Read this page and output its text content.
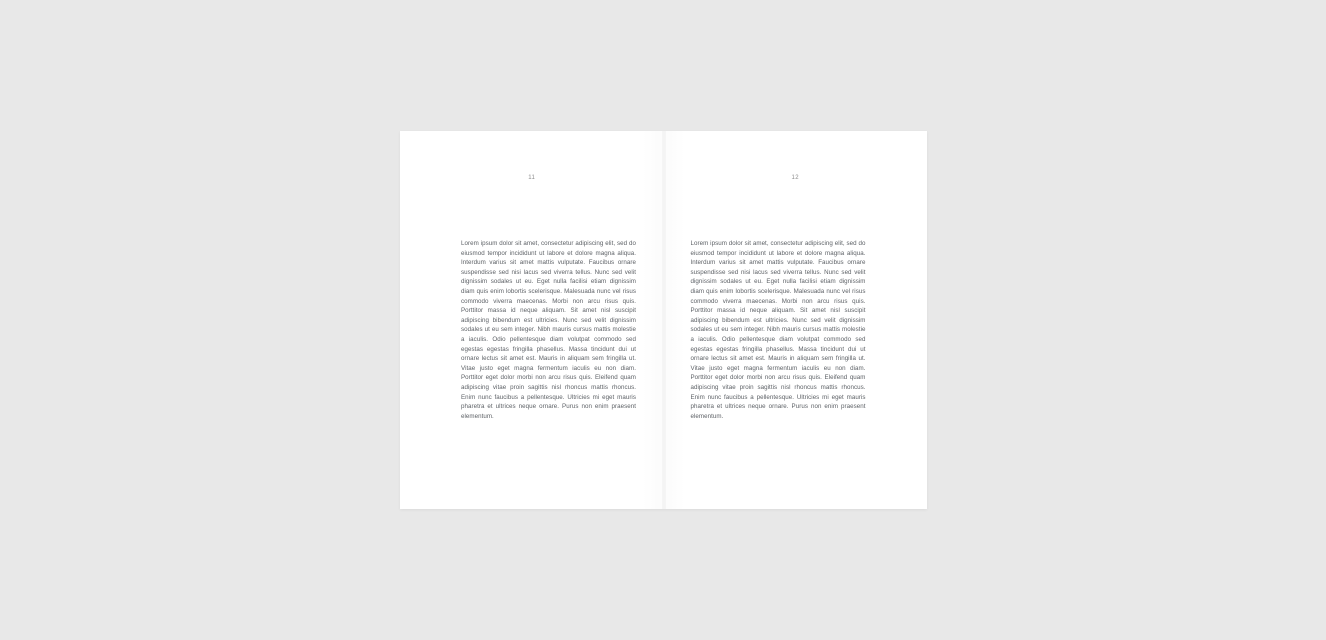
11
Lorem ipsum dolor sit amet, consectetur adipiscing elit, sed do eiusmod tempor incididunt ut labore et dolore magna aliqua. Interdum varius sit amet mattis vulputate. Faucibus ornare suspendisse sed nisi lacus sed viverra tellus. Nunc sed velit dignissim sodales ut eu. Eget nulla facilisi etiam dignissim diam quis enim lobortis scelerisque. Malesuada nunc vel risus commodo viverra maecenas. Morbi non arcu risus quis. Porttitor massa id neque aliquam. Sit amet nisl suscipit adipiscing bibendum est ultricies. Nunc sed velit dignissim sodales ut eu sem integer. Nibh mauris cursus mattis molestie a iaculis. Odio pellentesque diam volutpat commodo sed egestas egestas fringilla phasellus. Massa tincidunt dui ut ornare lectus sit amet est. Mauris in aliquam sem fringilla ut. Vitae justo eget magna fermentum iaculis eu non diam. Porttitor eget dolor morbi non arcu risus quis. Eleifend quam adipiscing vitae proin sagittis nisl rhoncus mattis rhoncus. Enim nunc faucibus a pellentesque. Ultricies mi eget mauris pharetra et ultrices neque ornare. Purus non enim praesent elementum.
12
Lorem ipsum dolor sit amet, consectetur adipiscing elit, sed do eiusmod tempor incididunt ut labore et dolore magna aliqua. Interdum varius sit amet mattis vulputate. Faucibus ornare suspendisse sed nisi lacus sed viverra tellus. Nunc sed velit dignissim sodales ut eu. Eget nulla facilisi etiam dignissim diam quis enim lobortis scelerisque. Malesuada nunc vel risus commodo viverra maecenas. Morbi non arcu risus quis. Porttitor massa id neque aliquam. Sit amet nisl suscipit adipiscing bibendum est ultricies. Nunc sed velit dignissim sodales ut eu sem integer. Nibh mauris cursus mattis molestie a iaculis. Odio pellentesque diam volutpat commodo sed egestas egestas fringilla phasellus. Massa tincidunt dui ut ornare lectus sit amet est. Mauris in aliquam sem fringilla ut. Vitae justo eget magna fermentum iaculis eu non diam. Porttitor eget dolor morbi non arcu risus quis. Eleifend quam adipiscing vitae proin sagittis nisl rhoncus mattis rhoncus. Enim nunc faucibus a pellentesque. Ultricies mi eget mauris pharetra et ultrices neque ornare. Purus non enim praesent elementum.
